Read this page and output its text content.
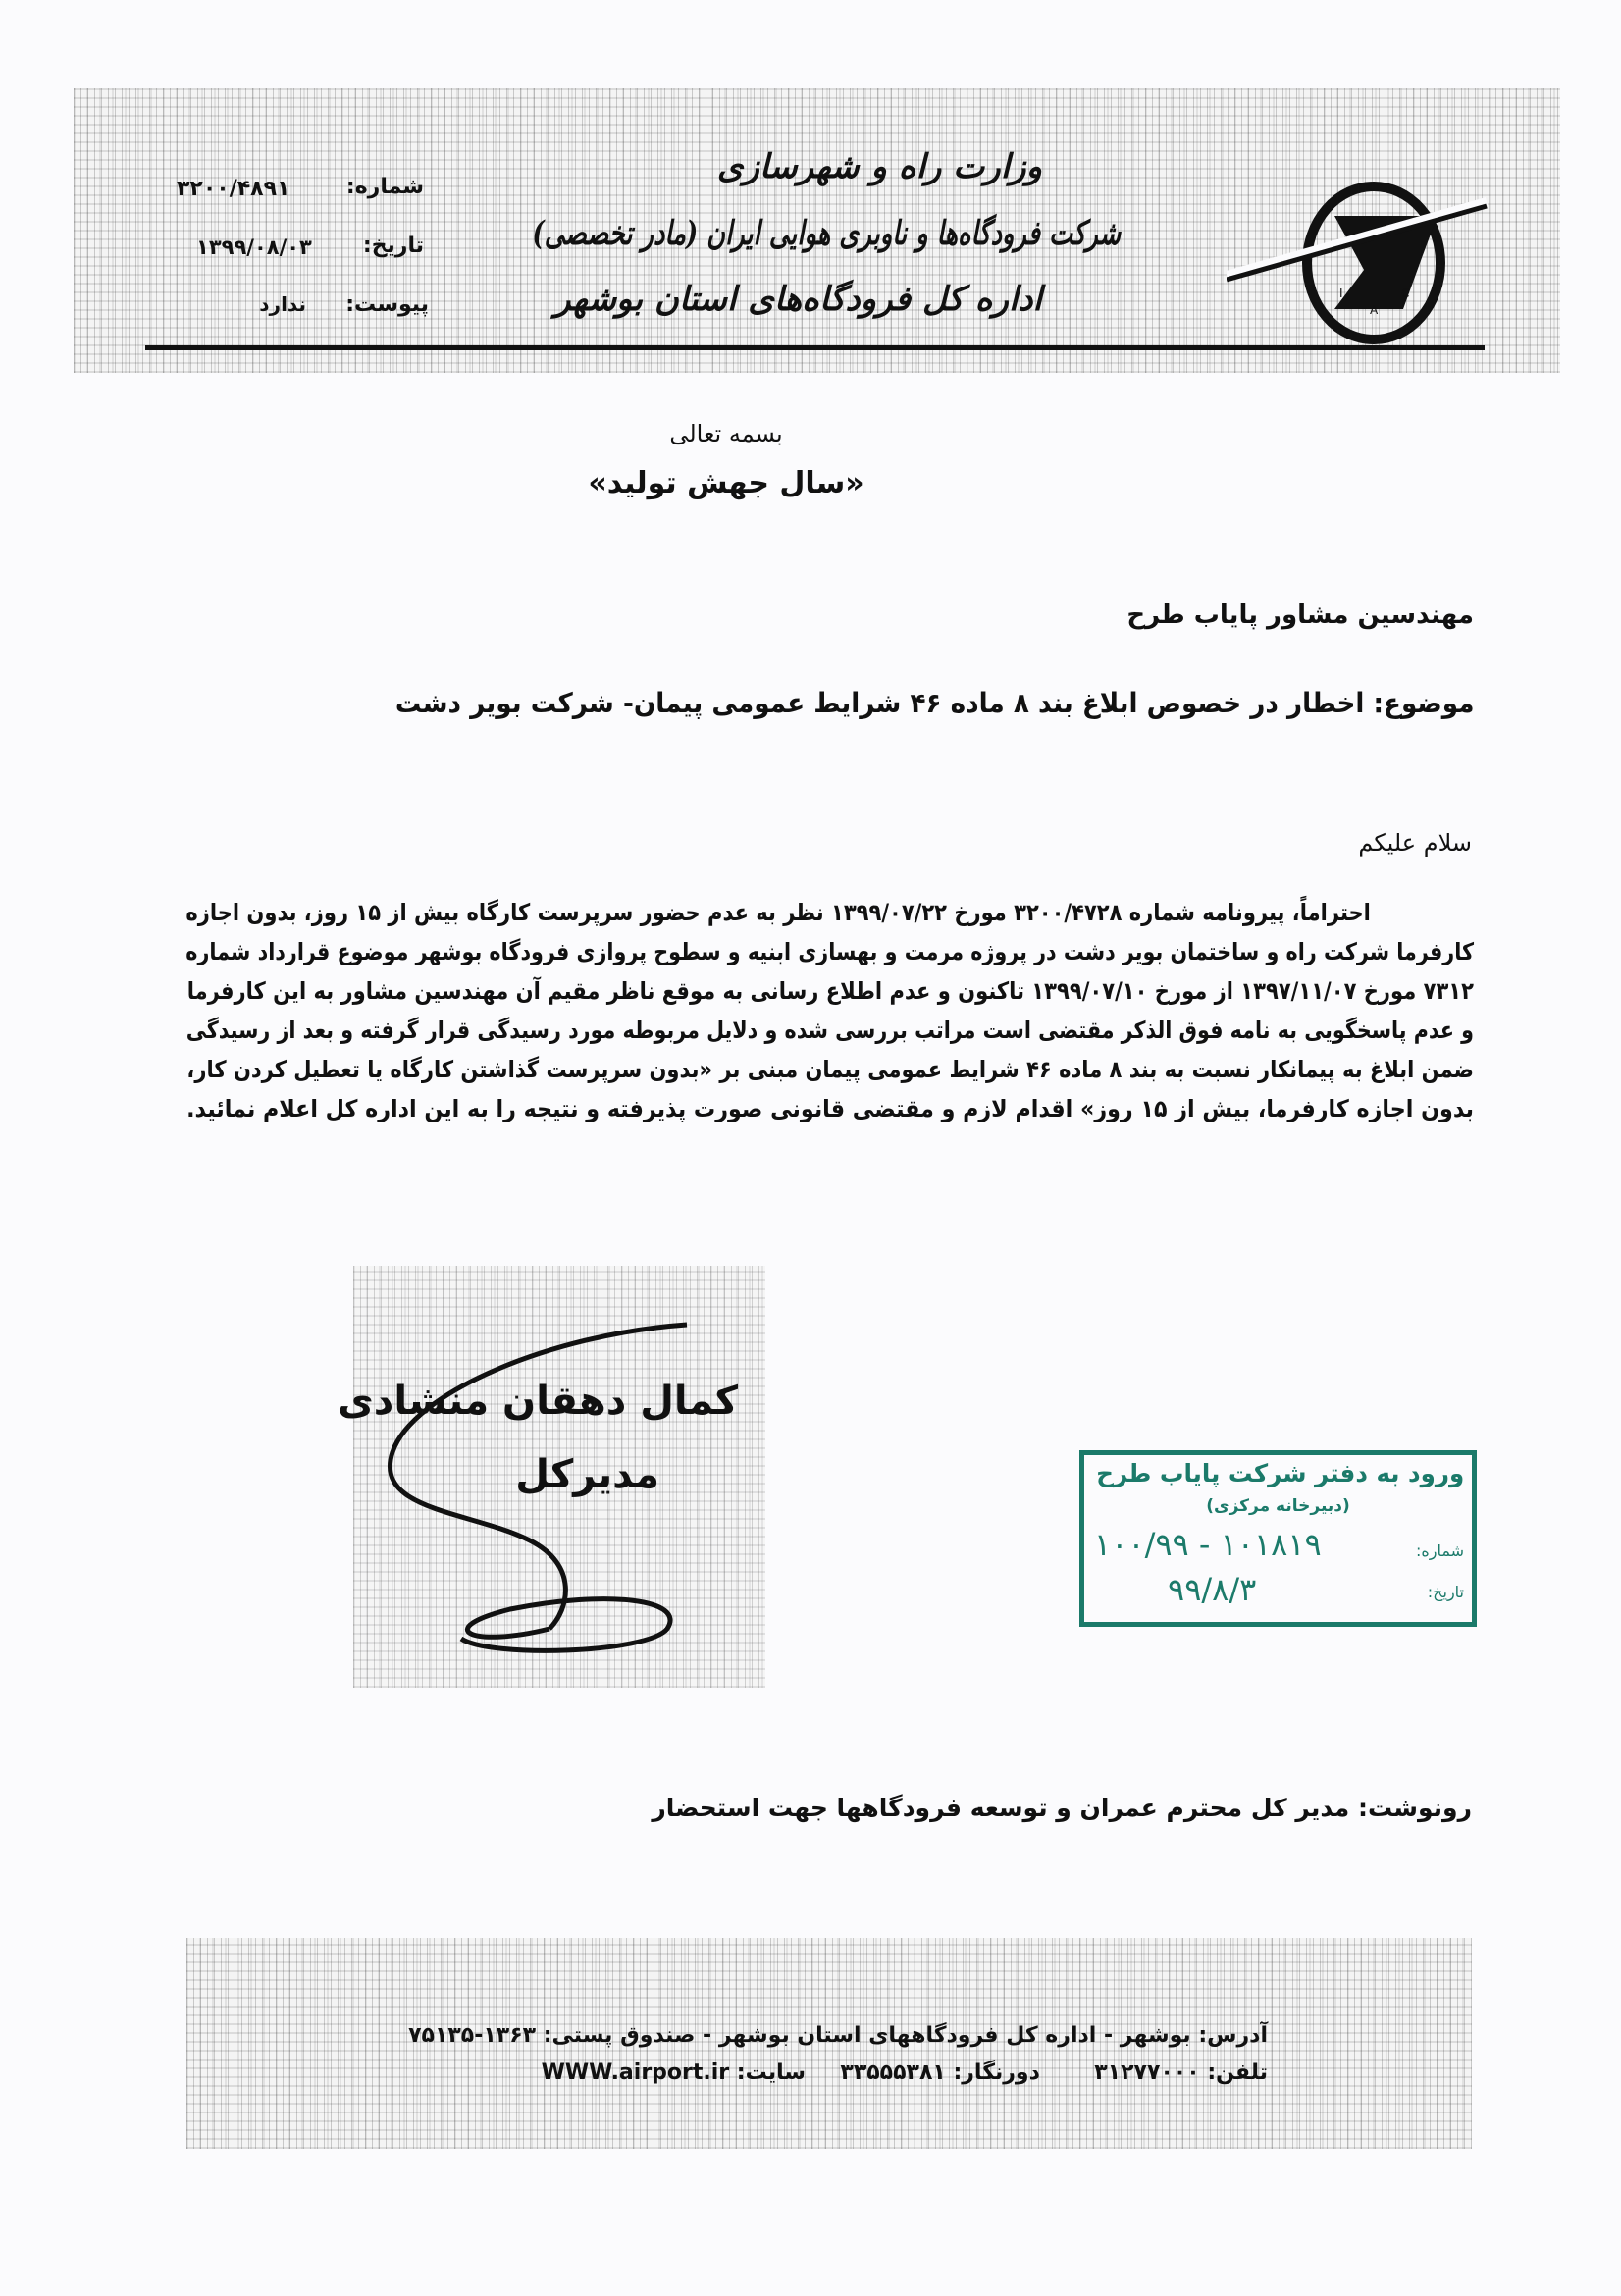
I
A
C
وزارت راه و شهرسازی
شرکت فرودگاه‌ها و ناوبری هوایی ایران (مادر تخصصی)
اداره کل فرودگاه‌های استان بوشهر
شماره:
۳۲۰۰/۴۸۹۱
تاریخ:
۱۳۹۹/۰۸/۰۳
پیوست:
ندارد
بسمه تعالی
«سال جهش تولید»
مهندسین مشاور پایاب طرح
موضوع: اخطار در خصوص ابلاغ بند ۸ ماده ۴۶ شرایط عمومی پیمان- شرکت بویر دشت
سلام علیکم
احتراماً، پیرونامه شماره ۳۲۰۰/۴۷۲۸ مورخ ۱۳۹۹/۰۷/۲۲ نظر به عدم حضور سرپرست کارگاه بیش از ۱۵ روز، بدون اجازه
کارفرما شرکت راه و ساختمان بویر دشت در پروژه مرمت و بهسازی ابنیه و سطوح پروازی فرودگاه بوشهر موضوع قرارداد شماره
۷۳۱۲ مورخ ۱۳۹۷/۱۱/۰۷ از مورخ ۱۳۹۹/۰۷/۱۰ تاکنون و عدم اطلاع رسانی به موقع ناظر مقیم آن مهندسین مشاور به این کارفرما
و عدم پاسخگویی به نامه فوق الذکر مقتضی است مراتب بررسی شده و دلایل مربوطه مورد رسیدگی قرار گرفته و بعد از رسیدگی
ضمن ابلاغ به پیمانکار نسبت به بند ۸ ماده ۴۶ شرایط عمومی پیمان مبنی بر «بدون سرپرست گذاشتن کارگاه یا تعطیل کردن کار،
بدون اجازه کارفرما، بیش از ۱۵ روز» اقدام لازم و مقتضی قانونی صورت پذیرفته و نتیجه را به این اداره کل اعلام نمائید.
کمال دهقان منشادی
مدیرکل	ورود به دفتر شرکت پایاب طرح
(دبیرخانه مرکزی)
شماره:
۱۰۱۸۱۹ - ۱۰۰/۹۹
تاریخ:
۹۹/۸/۳
رونوشت: مدیر کل محترم عمران و توسعه فرودگاهها جهت استحضار
آدرس: بوشهر - اداره کل فرودگاههای استان بوشهر - صندوق پستی: ۱۳۶۳-۷۵۱۳۵
تلفن: ۳۱۲۷۷۰۰۰  دورنگار: ۳۳۵۵۵۳۸۱  سایت: WWW.airport.ir
